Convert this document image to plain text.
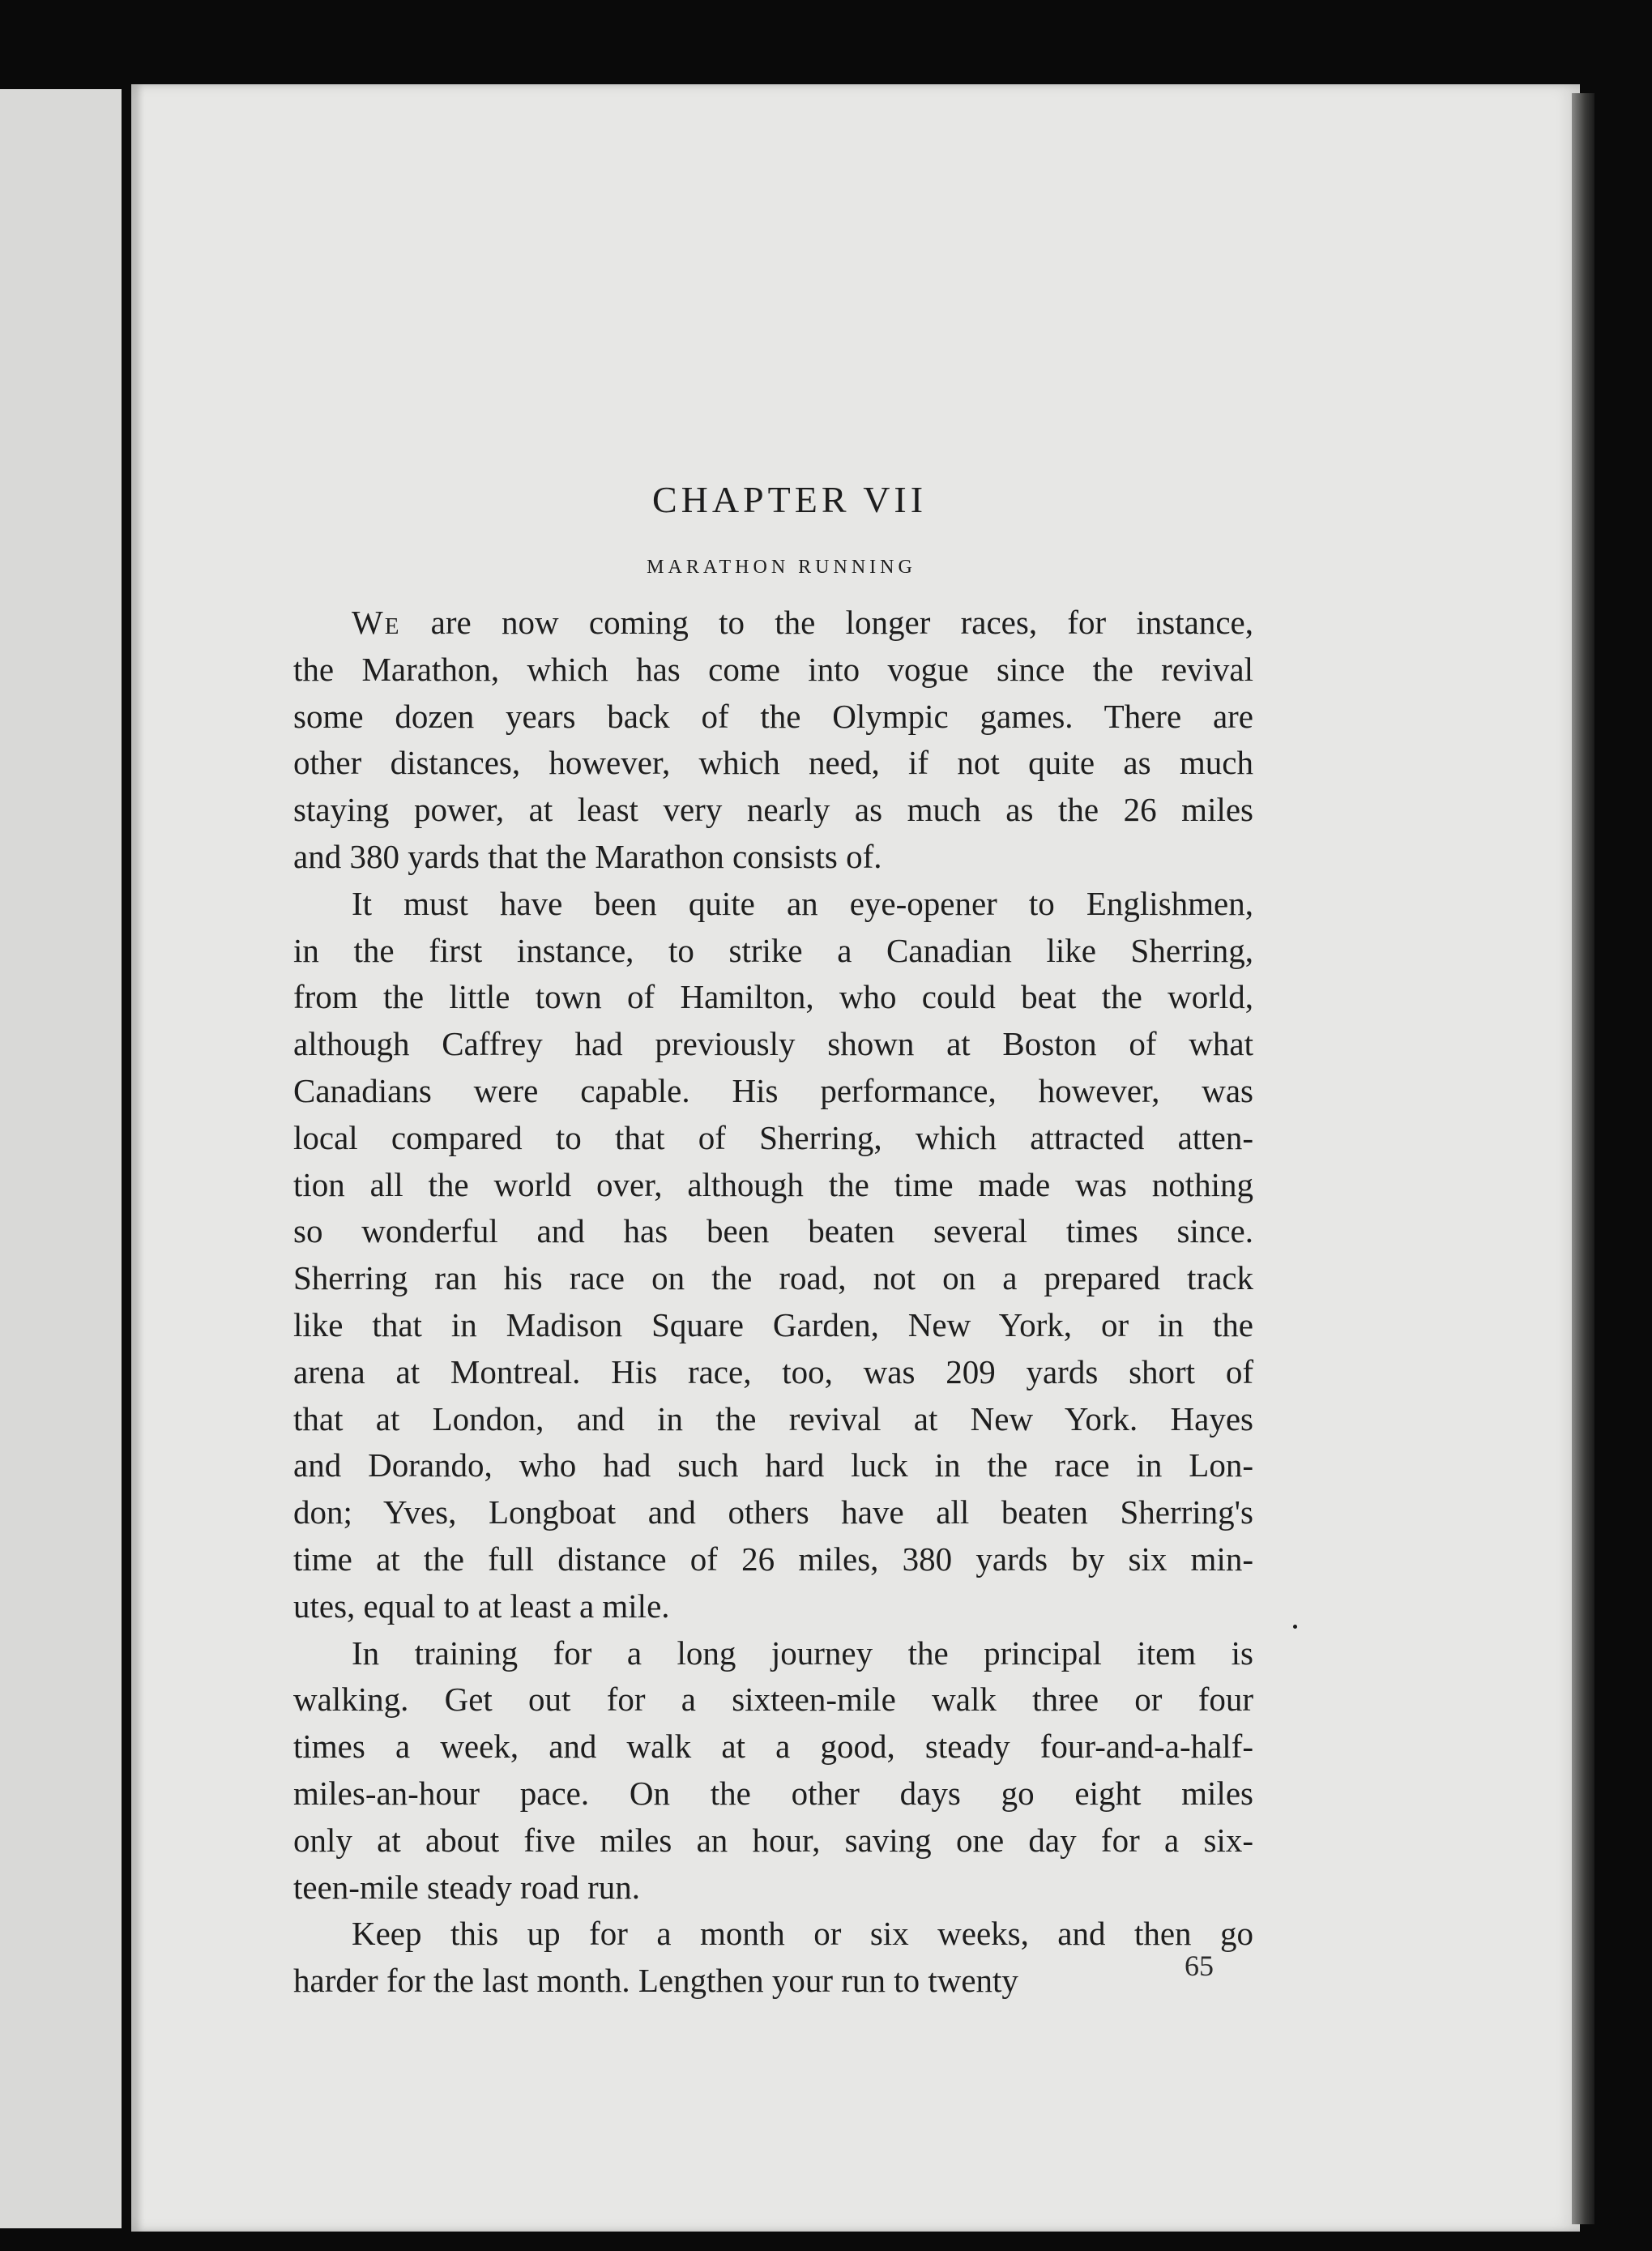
CHAPTER VII
MARATHON RUNNING
We are now coming to the longer races, for instance,
the Marathon, which has come into vogue since the revival
some dozen years back of the Olympic games. There are
other distances, however, which need, if not quite as much
staying power, at least very nearly as much as the 26 miles
and 380 yards that the Marathon consists of.
It must have been quite an eye-opener to Englishmen,
in the first instance, to strike a Canadian like Sherring,
from the little town of Hamilton, who could beat the world,
although Caffrey had previously shown at Boston of what
Canadians were capable. His performance, however, was
local compared to that of Sherring, which attracted atten-
tion all the world over, although the time made was nothing
so wonderful and has been beaten several times since.
Sherring ran his race on the road, not on a prepared track
like that in Madison Square Garden, New York, or in the
arena at Montreal. His race, too, was 209 yards short of
that at London, and in the revival at New York. Hayes
and Dorando, who had such hard luck in the race in Lon-
don; Yves, Longboat and others have all beaten Sherring's
time at the full distance of 26 miles, 380 yards by six min-
utes, equal to at least a mile.
In training for a long journey the principal item is
walking. Get out for a sixteen-mile walk three or four
times a week, and walk at a good, steady four-and-a-half-
miles-an-hour pace. On the other days go eight miles
only at about five miles an hour, saving one day for a six-
teen-mile steady road run.
Keep this up for a month or six weeks, and then go
harder for the last month. Lengthen your run to twenty	65
